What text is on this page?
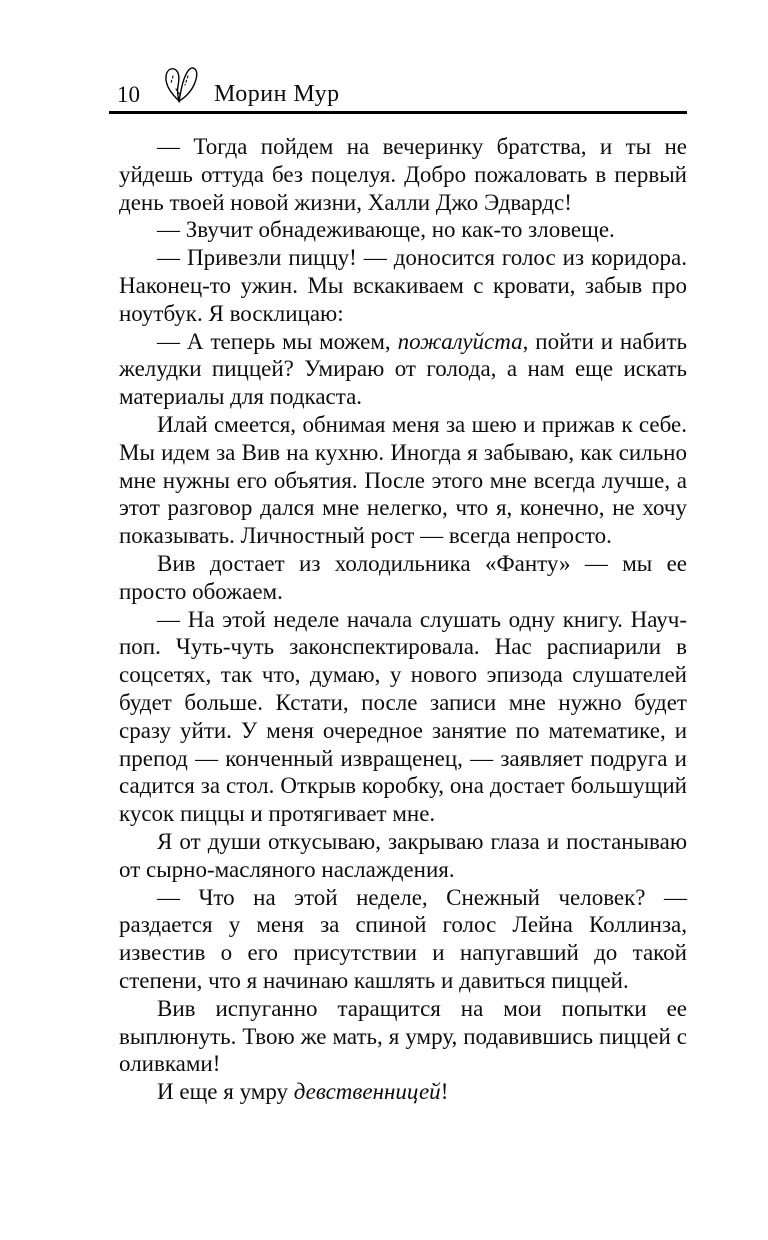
10	Морин Мур

— Тогда пойдем на вечеринку братства, и ты не уйдешь оттуда без поцелуя. Добро пожаловать в первый день твоей новой жизни, Халли Джо Эдвардс!

— Звучит обнадеживающе, но как-то зловеще.

— Привезли пиццу! — доносится голос из коридора. Наконец-то ужин. Мы вскакиваем с кровати, забыв про ноутбук. Я восклицаю:

— А теперь мы можем, пожалуйста, пойти и набить желудки пиццей? Умираю от голода, а нам еще искать материалы для подкаста.

Илай смеется, обнимая меня за шею и прижав к себе. Мы идем за Вив на кухню. Иногда я забываю, как сильно мне нужны его объятия. После этого мне всегда лучше, а этот разговор дался мне нелегко, что я, конечно, не хочу показывать. Личностный рост — всегда непросто.

Вив достает из холодильника «Фанту» — мы ее просто обожаем.

— На этой неделе начала слушать одну книгу. Науч-поп. Чуть-чуть законспектировала. Нас распиарили в соцсетях, так что, думаю, у нового эпизода слушателей будет больше. Кстати, после записи мне нужно будет сразу уйти. У меня очередное занятие по математике, и препод — конченный извращенец, — заявляет подруга и садится за стол. Открыв коробку, она достает большущий кусок пиццы и протягивает мне.

Я от души откусываю, закрываю глаза и постанываю от сырно-масляного наслаждения.

— Что на этой неделе, Снежный человек? — раздается у меня за спиной голос Лейна Коллинза, известив о его присутствии и напугавший до такой степени, что я начинаю кашлять и давиться пиццей.

Вив испуганно таращится на мои попытки ее выплюнуть. Твою же мать, я умру, подавившись пиццей с оливками!

И еще я умру девственницей!
